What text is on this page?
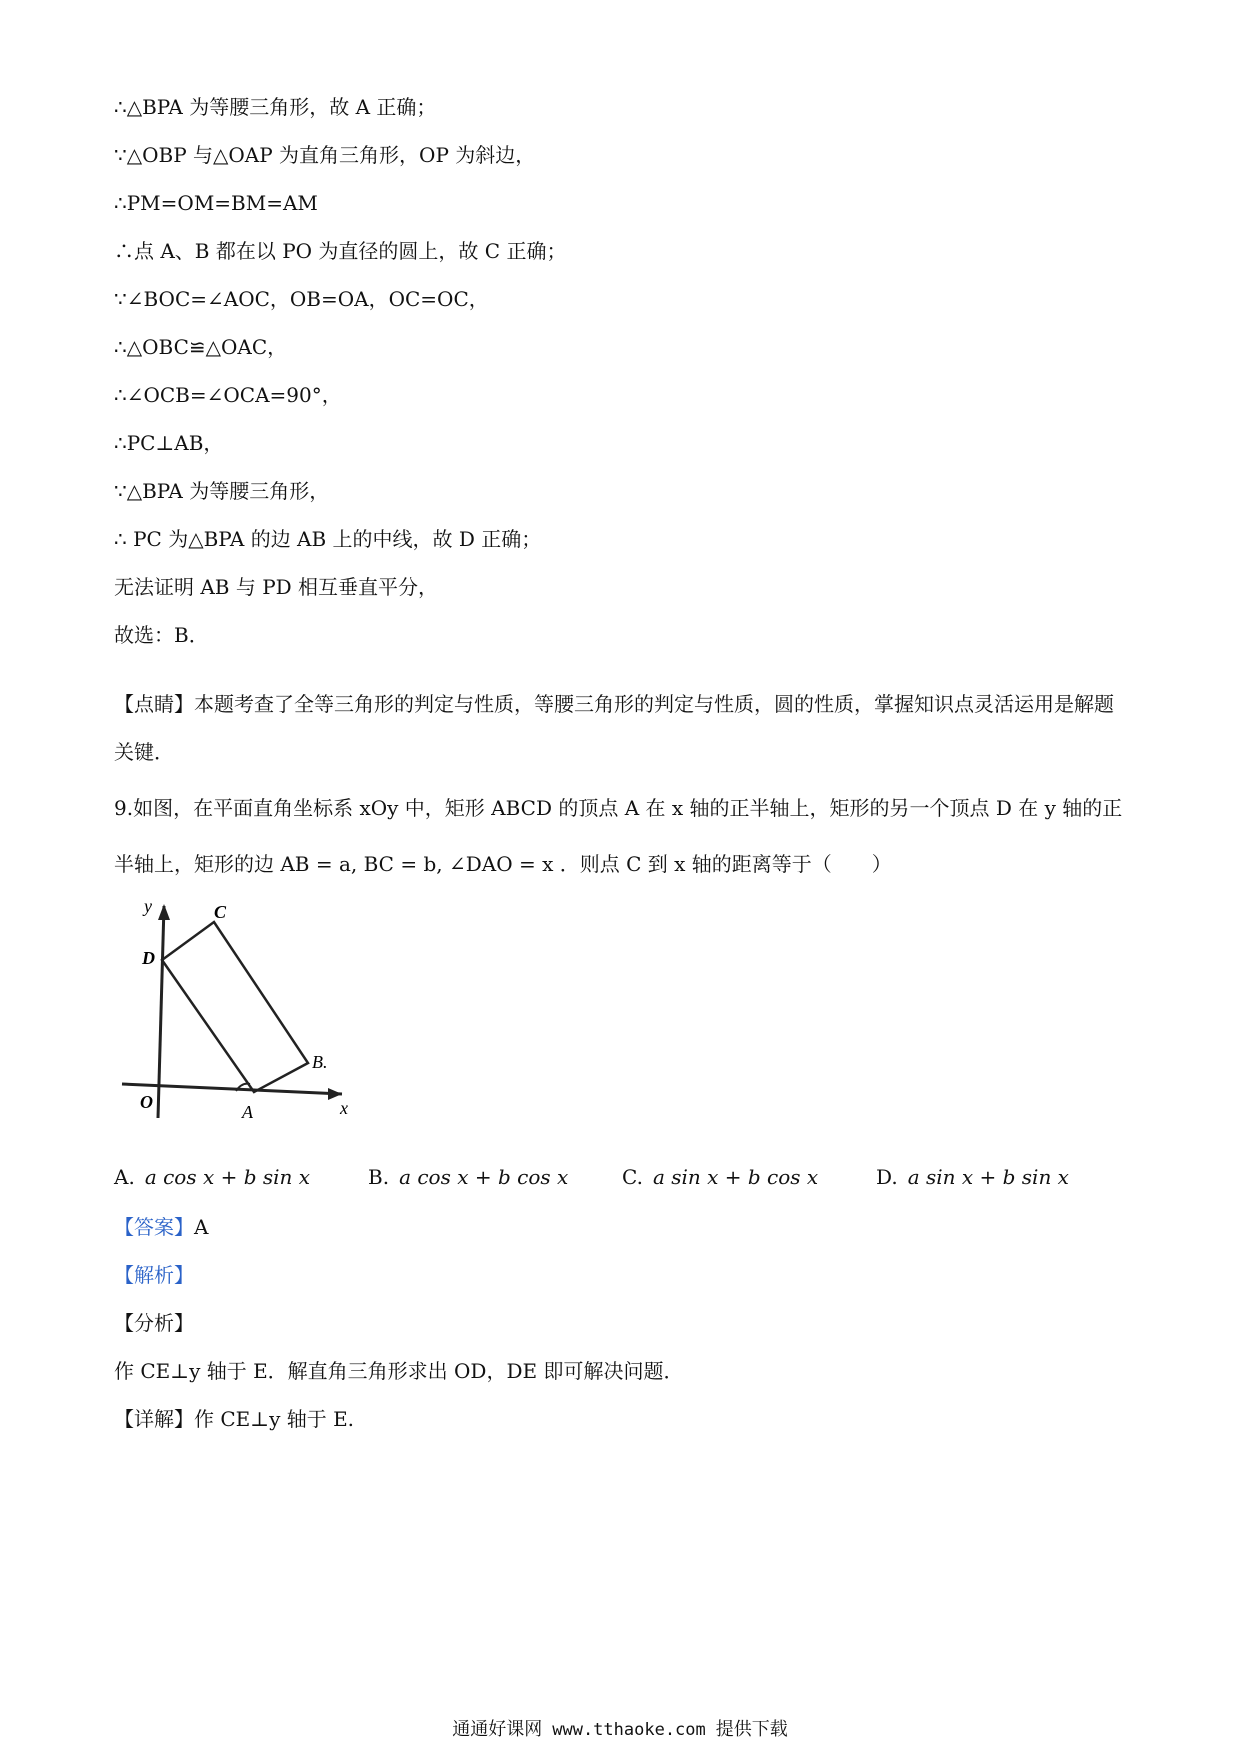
∴△BPA 为等腰三角形，故 A 正确；
∵△OBP 与△OAP 为直角三角形，OP 为斜边，
∴PM=OM=BM=AM
∴点 A、B 都在以 PO 为直径的圆上，故 C 正确；
∵∠BOC=∠AOC，OB=OA，OC=OC，
∴△OBC≌△OAC，
∴∠OCB=∠OCA=90°，
∴PC⊥AB，
∵△BPA 为等腰三角形，
∴ PC 为△BPA 的边 AB 上的中线，故 D 正确；
无法证明 AB 与 PD 相互垂直平分，
故选：B．
【点睛】本题考查了全等三角形的判定与性质，等腰三角形的判定与性质，圆的性质，掌握知识点灵活运用是解题关键．
9.如图，在平面直角坐标系 xOy 中，矩形 ABCD 的顶点 A 在 x 轴的正半轴上，矩形的另一个顶点 D 在 y 轴的正半轴上，矩形的边 AB = a, BC = b, ∠DAO = x ．则点 C 到 x 轴的距离等于（　　）
y	C
D
B.
O	A	x
A. a cos x + b sin x	B. a cos x + b cos x	C. a sin x + b cos x	D. a sin x + b sin x
【答案】A
【解析】
【分析】
作 CE⊥y 轴于 E．解直角三角形求出 OD，DE 即可解决问题．
【详解】作 CE⊥y 轴于 E.
通通好课网 www.tthaoke.com 提供下载
